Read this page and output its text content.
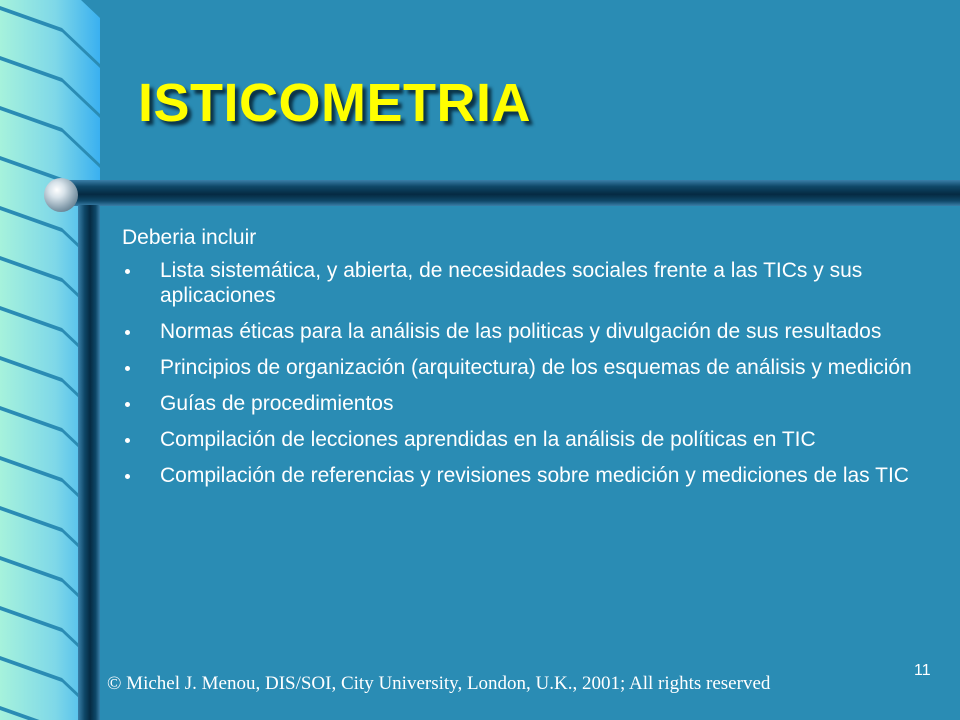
ISTICOMETRIA
Deberia incluir
Lista sistemática, y abierta, de necesidades sociales frente a las TICs y sus aplicaciones
Normas éticas para la análisis de las politicas y divulgación de sus resultados
Principios de organización (arquitectura) de los esquemas de análisis y medición
Guías de procedimientos
Compilación de lecciones aprendidas en la análisis de políticas en TIC
Compilación de referencias y revisiones sobre medición y mediciones de las TIC
11
© Michel J. Menou, DIS/SOI, City University, London, U.K., 2001; All rights reserved
